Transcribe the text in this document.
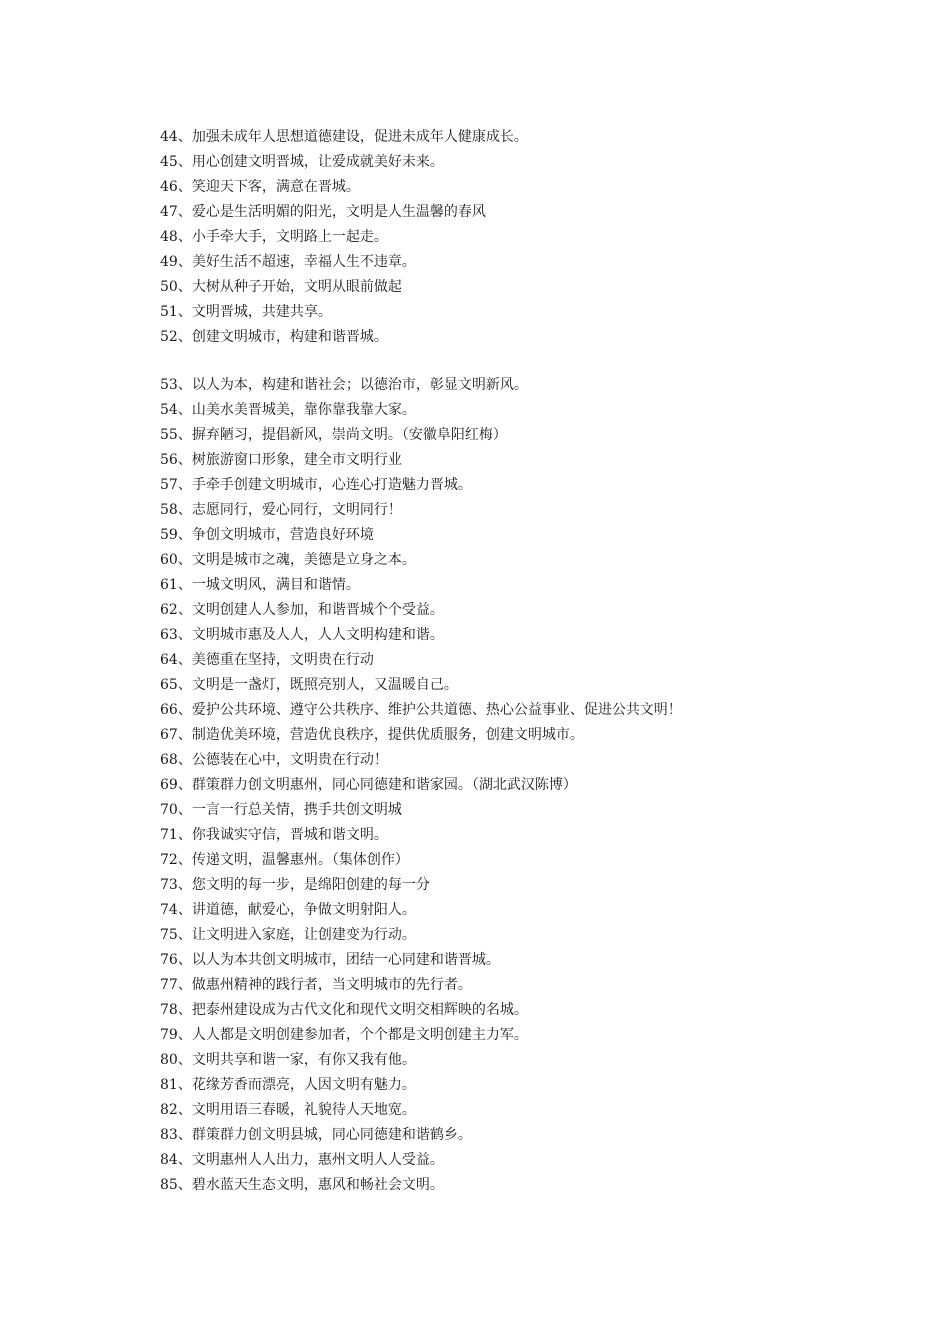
44、加强未成年人思想道德建设，促进未成年人健康成长。
45、用心创建文明晋城，让爱成就美好未来。
46、笑迎天下客，满意在晋城。
47、爱心是生活明媚的阳光，文明是人生温馨的春风
48、小手牵大手，文明路上一起走。
49、美好生活不超速，幸福人生不违章。
50、大树从种子开始，文明从眼前做起
51、文明晋城，共建共享。
52、创建文明城市，构建和谐晋城。
53、以人为本，构建和谐社会；以德治市，彰显文明新风。
54、山美水美晋城美，靠你靠我靠大家。
55、摒弃陋习，提倡新风，崇尚文明。（安徽阜阳红梅）
56、树旅游窗口形象，建全市文明行业
57、手牵手创建文明城市，心连心打造魅力晋城。
58、志愿同行，爱心同行，文明同行！
59、争创文明城市，营造良好环境
60、文明是城市之魂，美德是立身之本。
61、一城文明风，满目和谐情。
62、文明创建人人参加，和谐晋城个个受益。
63、文明城市惠及人人，人人文明构建和谐。
64、美德重在坚持，文明贵在行动
65、文明是一盏灯，既照亮别人，又温暖自己。
66、爱护公共环境、遵守公共秩序、维护公共道德、热心公益事业、促进公共文明！
67、制造优美环境，营造优良秩序，提供优质服务，创建文明城市。
68、公德装在心中，文明贵在行动！
69、群策群力创文明惠州，同心同德建和谐家园。（湖北武汉陈博）
70、一言一行总关情，携手共创文明城
71、你我诚实守信，晋城和谐文明。
72、传递文明，温馨惠州。（集体创作）
73、您文明的每一步，是绵阳创建的每一分
74、讲道德，献爱心，争做文明射阳人。
75、让文明进入家庭，让创建变为行动。
76、以人为本共创文明城市，团结一心同建和谐晋城。
77、做惠州精神的践行者，当文明城市的先行者。
78、把泰州建设成为古代文化和现代文明交相辉映的名城。
79、人人都是文明创建参加者，个个都是文明创建主力军。
80、文明共享和谐一家，有你又我有他。
81、花缘芳香而漂亮，人因文明有魅力。
82、文明用语三春暖，礼貌待人天地宽。
83、群策群力创文明县城，同心同德建和谐鹤乡。
84、文明惠州人人出力，惠州文明人人受益。
85、碧水蓝天生态文明，惠风和畅社会文明。
